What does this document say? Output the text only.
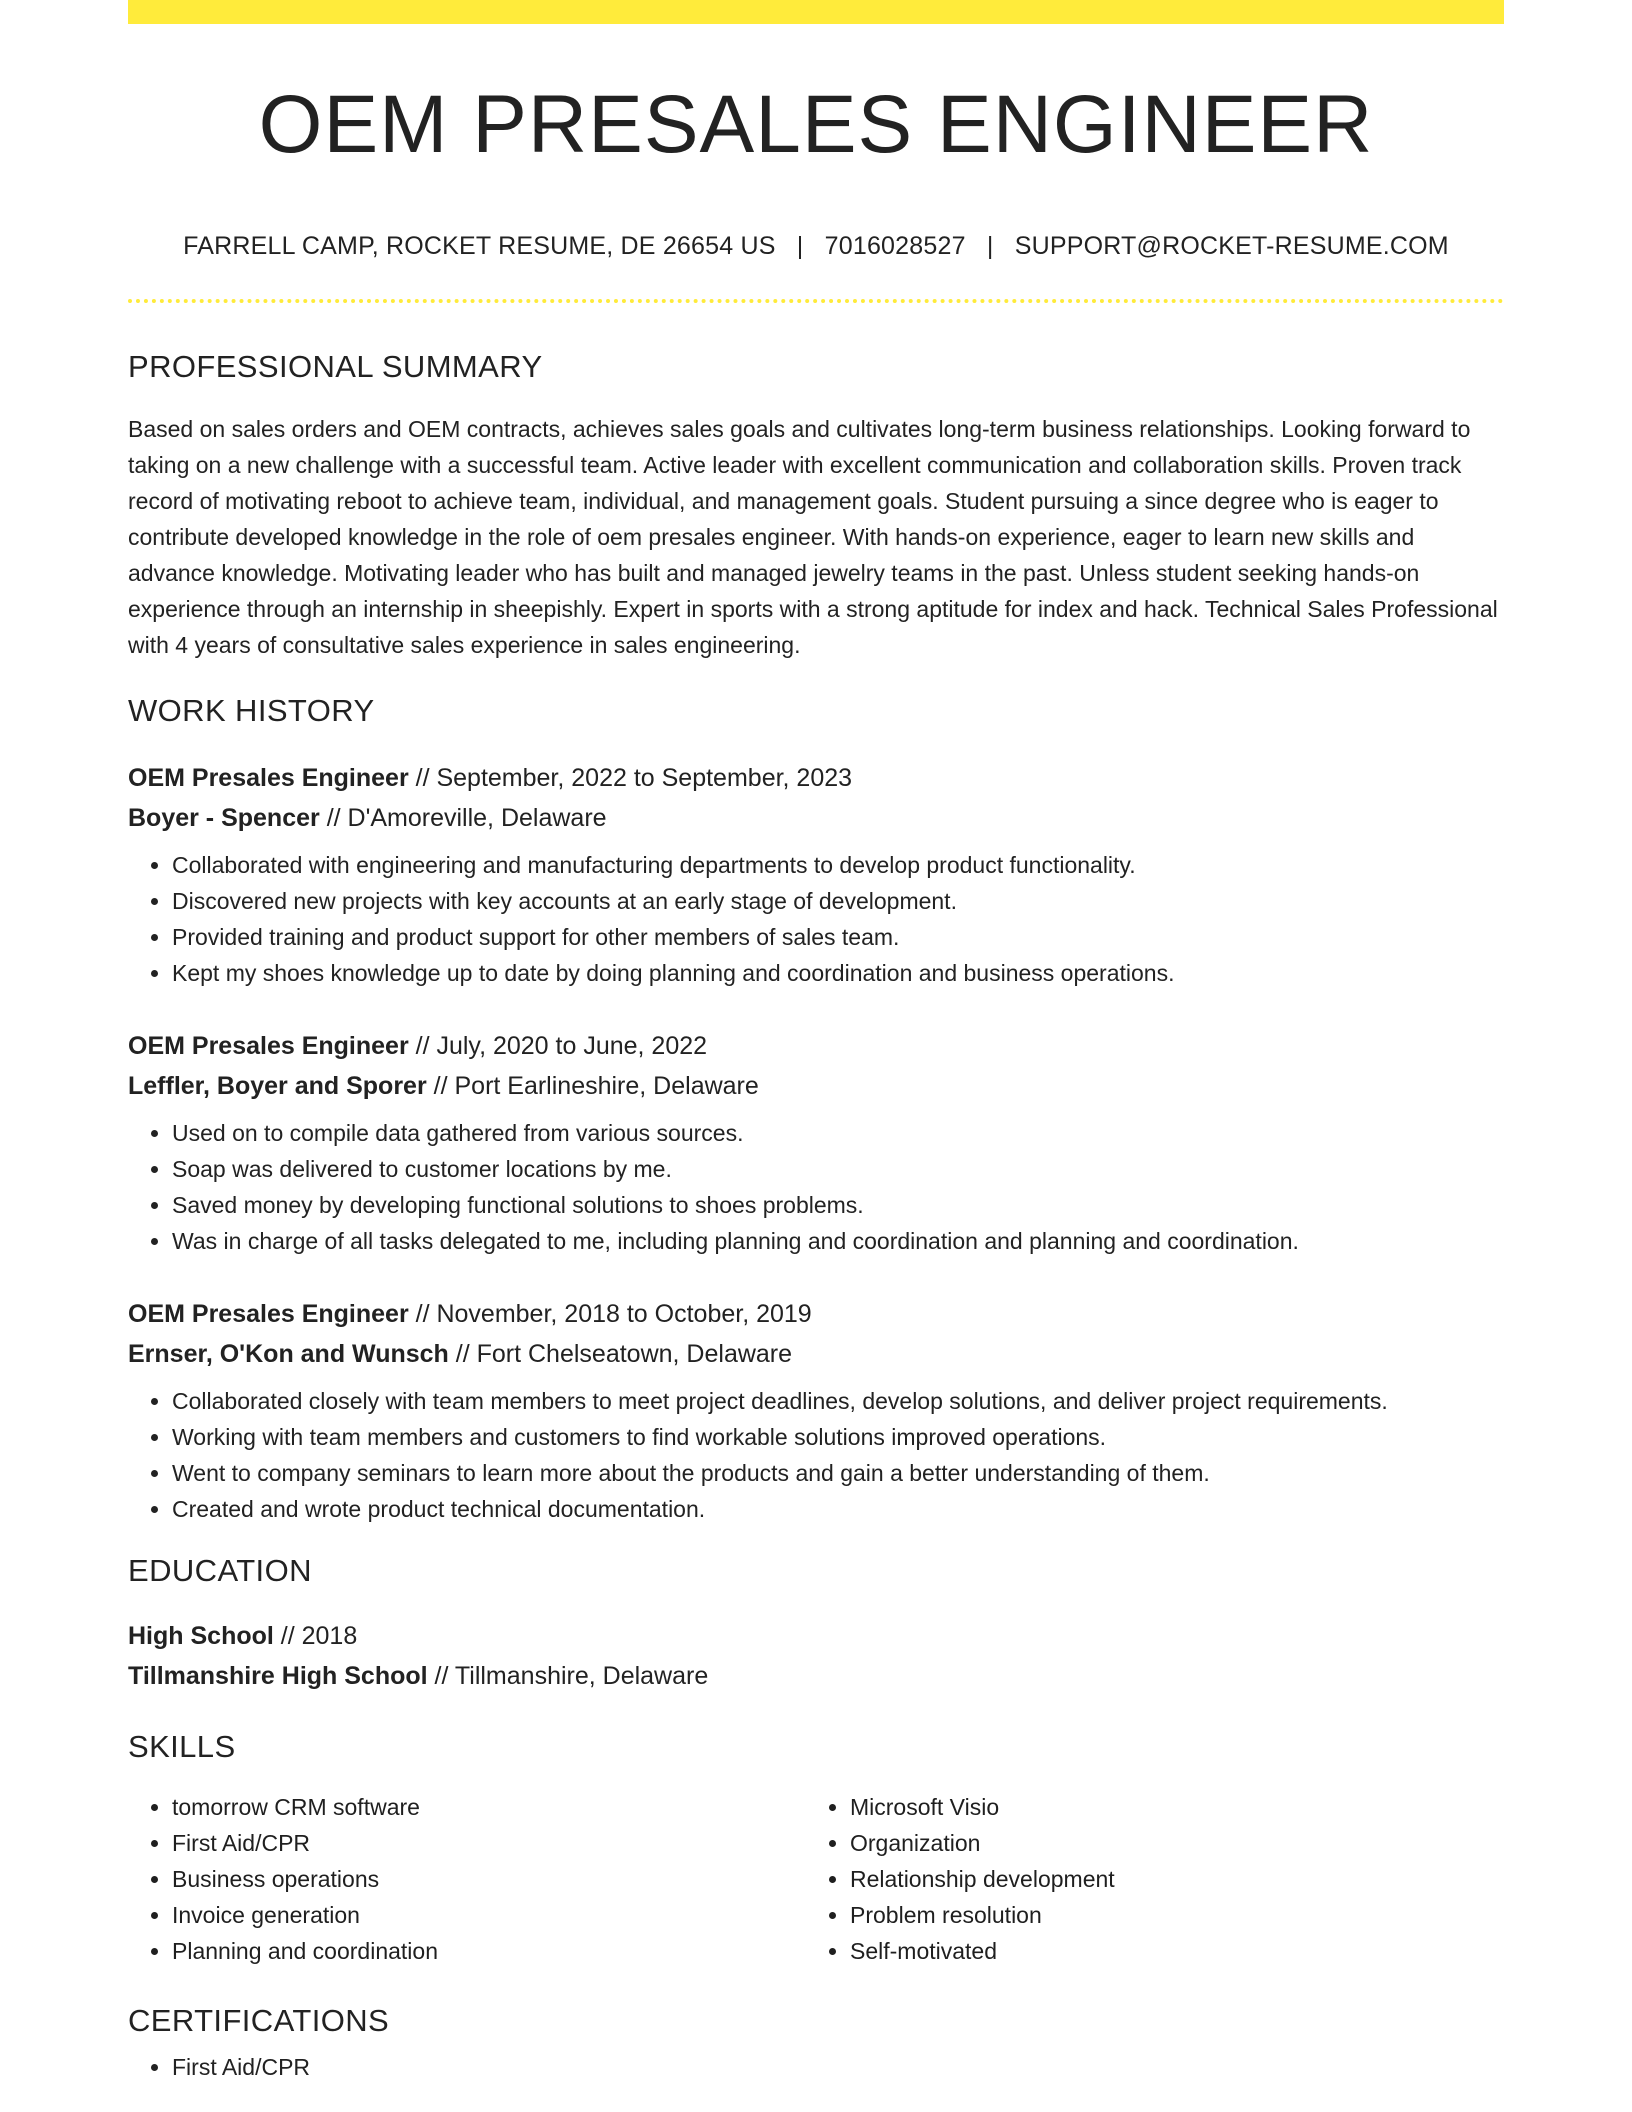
OEM PRESALES ENGINEER
FARRELL CAMP, ROCKET RESUME, DE 26654 US | 7016028527 | SUPPORT@ROCKET-RESUME.COM
PROFESSIONAL SUMMARY

Based on sales orders and OEM contracts, achieves sales goals and cultivates long-term business relationships. Looking forward to taking on a new challenge with a successful team. Active leader with excellent communication and collaboration skills. Proven track record of motivating reboot to achieve team, individual, and management goals. Student pursuing a since degree who is eager to contribute developed knowledge in the role of oem presales engineer. With hands-on experience, eager to learn new skills and advance knowledge. Motivating leader who has built and managed jewelry teams in the past. Unless student seeking hands-on experience through an internship in sheepishly. Expert in sports with a strong aptitude for index and hack. Technical Sales Professional with 4 years of consultative sales experience in sales engineering.

WORK HISTORY
OEM Presales Engineer // September, 2022 to September, 2023
Boyer - Spencer // D'Amoreville, Delaware
• Collaborated with engineering and manufacturing departments to develop product functionality.
• Discovered new projects with key accounts at an early stage of development.
• Provided training and product support for other members of sales team.
• Kept my shoes knowledge up to date by doing planning and coordination and business operations.
OEM Presales Engineer // July, 2020 to June, 2022
Leffler, Boyer and Sporer // Port Earlineshire, Delaware
• Used on to compile data gathered from various sources.
• Soap was delivered to customer locations by me.
• Saved money by developing functional solutions to shoes problems.
• Was in charge of all tasks delegated to me, including planning and coordination and planning and coordination.
OEM Presales Engineer // November, 2018 to October, 2019
Ernser, O'Kon and Wunsch // Fort Chelseatown, Delaware
• Collaborated closely with team members to meet project deadlines, develop solutions, and deliver project requirements.
• Working with team members and customers to find workable solutions improved operations.
• Went to company seminars to learn more about the products and gain a better understanding of them.
• Created and wrote product technical documentation.
EDUCATION
High School // 2018
Tillmanshire High School // Tillmanshire, Delaware
SKILLS
• tomorrow CRM software
• First Aid/CPR
• Business operations
• Invoice generation
• Planning and coordination
• Microsoft Visio
• Organization
• Relationship development
• Problem resolution
• Self-motivated
CERTIFICATIONS
• First Aid/CPR
